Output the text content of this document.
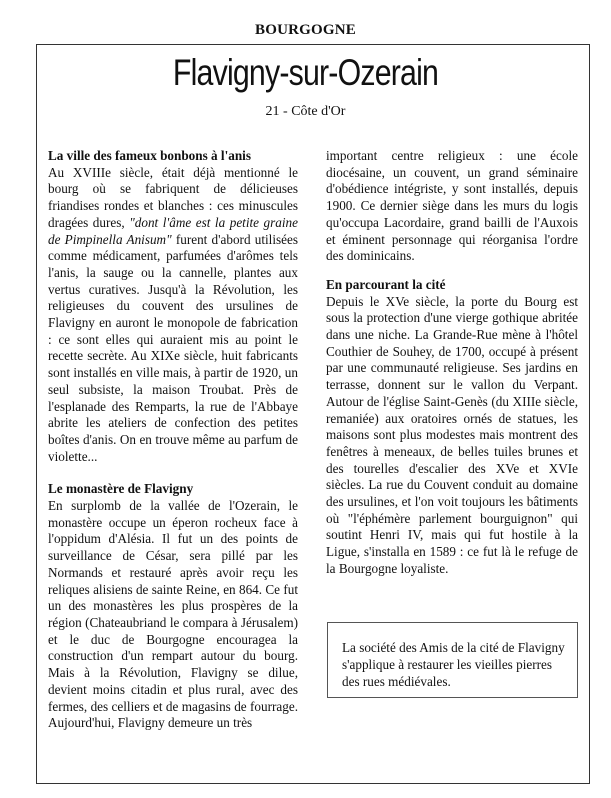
BOURGOGNE
Flavigny-sur-Ozerain
21 - Côte d'Or
La ville des fameux bonbons à l'anis

Au XVIIIe siècle, était déjà mentionné le bourg où se fabriquent de délicieuses friandises rondes et blanches : ces minuscules dragées dures, "dont l'âme est la petite graine de Pimpinella Anisum" furent d'abord utilisées comme médicament, parfumées d'arômes tels l'anis, la sauge ou la cannelle, plantes aux vertus curatives. Jusqu'à la Révolution, les religieuses du couvent des ursulines de Flavigny en auront le monopole de fabrication : ce sont elles qui auraient mis au point le recette secrète. Au XIXe siècle, huit fabricants sont installés en ville mais, à partir de 1920, un seul subsiste, la maison Troubat. Près de l'esplanade des Remparts, la rue de l'Abbaye abrite les ateliers de confection des petites boîtes d'anis. On en trouve même au parfum de violette...

Le monastère de Flavigny

En surplomb de la vallée de l'Ozerain, le monastère occupe un éperon rocheux face à l'oppidum d'Alésia. Il fut un des points de surveillance de César, sera pillé par les Normands et restauré après avoir reçu les reliques alisiens de sainte Reine, en 864. Ce fut un des monastères les plus prospères de la région (Chateaubriand le compara à Jérusalem) et le duc de Bourgogne encouragea la construction d'un rempart autour du bourg. Mais à la Révolution, Flavigny se dilue, devient moins citadin et plus rural, avec des fermes, des celliers et de magasins de fourrage. Aujourd'hui, Flavigny demeure un très

important centre religieux : une école diocésaine, un couvent, un grand séminaire d'obédience intégriste, y sont installés, depuis 1900. Ce dernier siège dans les murs du logis qu'occupa Lacordaire, grand bailli de l'Auxois et éminent personnage qui réorganisa l'ordre des dominicains.

En parcourant la cité

Depuis le XVe siècle, la porte du Bourg est sous la protection d'une vierge gothique abritée dans une niche. La Grande-Rue mène à l'hôtel Couthier de Souhey, de 1700, occupé à présent par une communauté religieuse. Ses jardins en terrasse, donnent sur le vallon du Verpant. Autour de l'église Saint-Genès (du XIIIe siècle, remaniée) aux oratoires ornés de statues, les maisons sont plus modestes mais montrent des fenêtres à meneaux, de belles tuiles brunes et des tourelles d'escalier des XVe et XVIe siècles. La rue du Couvent conduit au domaine des ursulines, et l'on voit toujours les bâtiments où "l'éphémère parlement bourguignon" qui soutint Henri IV, mais qui fut hostile à la Ligue, s'installa en 1589 : ce fut là le refuge de la Bourgogne loyaliste.

La société des Amis de la cité de Flavigny s'applique à restaurer les vieilles pierres des rues médiévales.
